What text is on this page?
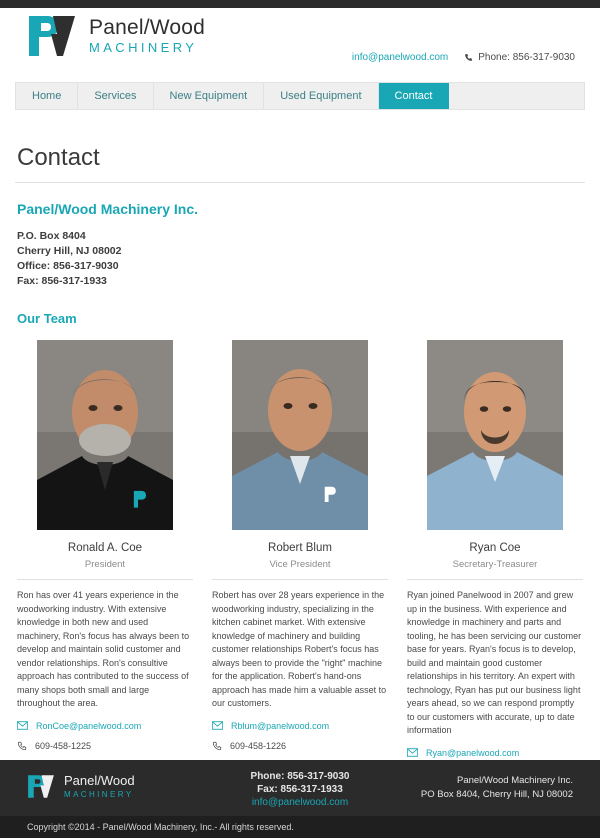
Panel/Wood
MACHINERY
info@panelwood.com	Phone: 856-317-9030
Home	Services	New Equipment	Used Equipment	Contact
Contact
Panel/Wood Machinery Inc.
P.O. Box 8404
Cherry Hill, NJ 08002
Office: 856-317-9030
Fax: 856-317-1933
Our Team
Ronald A. Coe
President
Ron has over 41 years experience in the woodworking industry. With extensive knowledge in both new and used machinery, Ron's focus has always been to develop and maintain solid customer and vendor relationships. Ron's consultive approach has contributed to the success of many shops both small and large throughout the area.
RonCoe@panelwood.com
609-458-1225
Robert Blum
Vice President
Robert has over 28 years experience in the woodworking industry, specializing in the kitchen cabinet market. With extensive knowledge of machinery and building customer relationships Robert's focus has always been to provide the "right" machine for the application. Robert's hand-ons approach has made him a valuable asset to our customers.
Rblum@panelwood.com
609-458-1226
Ryan Coe
Secretary-Treasurer
Ryan joined Panelwood in 2007 and grew up in the business. With experience and knowledge in machinery and parts and tooling, he has been servicing our customer base for years. Ryan's focus is to develop, build and maintain good customer relationships in his territory. An expert with technology, Ryan has put our business light years ahead, so we can respond promptly to our customers with accurate, up to date information
Ryan@panelwood.com
Panel/Wood
MACHINERY
Phone: 856-317-9030
Fax: 856-317-1933
info@panelwood.com
Panel/Wood Machinery Inc.
PO Box 8404, Cherry Hill, NJ 08002
Copyright ©2014 - Panel/Wood Machinery, Inc.- All rights reserved.
